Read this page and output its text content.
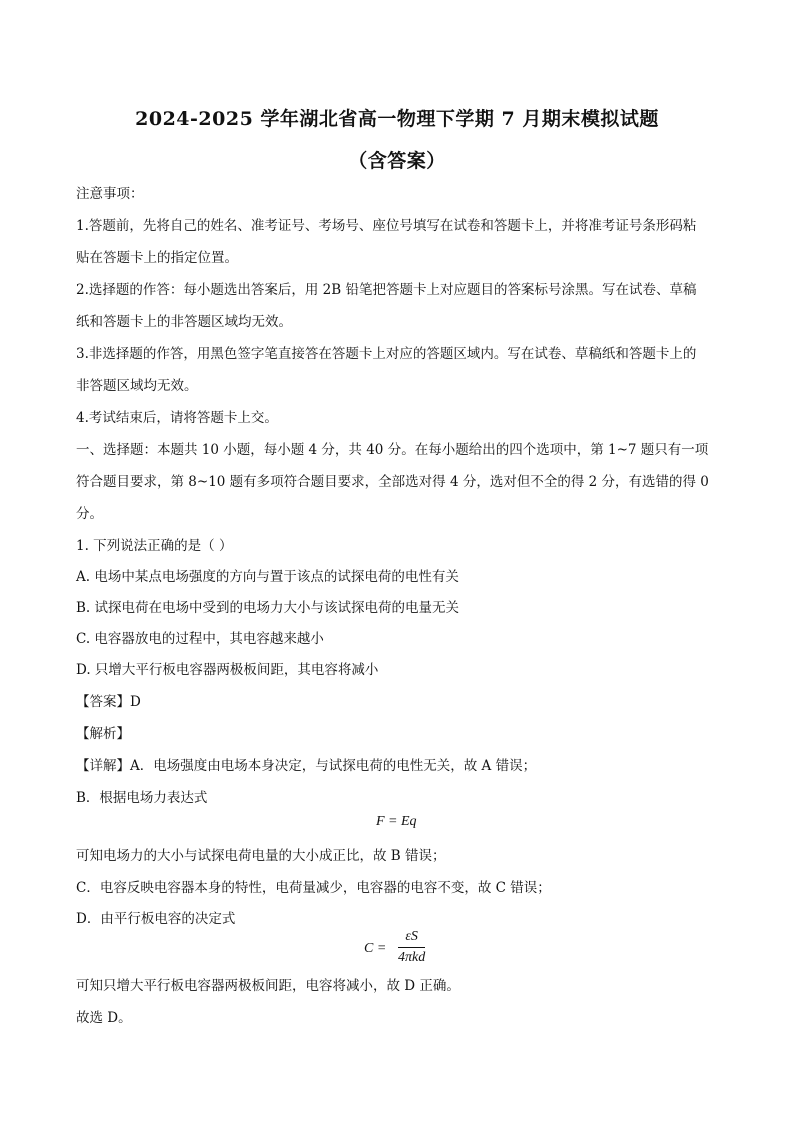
2024-2025 学年湖北省高一物理下学期 7 月期末模拟试题
（含答案）
注意事项：
1.答题前，先将自己的姓名、准考证号、考场号、座位号填写在试卷和答题卡上，并将准考证号条形码粘
贴在答题卡上的指定位置。
2.选择题的作答：每小题选出答案后，用 2B 铅笔把答题卡上对应题目的答案标号涂黑。写在试卷、草稿
纸和答题卡上的非答题区域均无效。
3.非选择题的作答，用黑色签字笔直接答在答题卡上对应的答题区域内。写在试卷、草稿纸和答题卡上的
非答题区域均无效。
4.考试结束后，请将答题卡上交。
一、选择题：本题共 10 小题，每小题 4 分，共 40 分。在每小题给出的四个选项中，第 1~7 题只有一项
符合题目要求，第 8~10 题有多项符合题目要求，全部选对得 4 分，选对但不全的得 2 分，有选错的得 0
分。
1. 下列说法正确的是（ ）
A. 电场中某点电场强度的方向与置于该点的试探电荷的电性有关
B. 试探电荷在电场中受到的电场力大小与该试探电荷的电量无关
C. 电容器放电的过程中，其电容越来越小
D. 只增大平行板电容器两极板间距，其电容将减小
【答案】D
【解析】
【详解】A．电场强度由电场本身决定，与试探电荷的电性无关，故 A 错误；
B．根据电场力表达式
F = Eq
可知电场力的大小与试探电荷电量的大小成正比，故 B 错误；
C．电容反映电容器本身的特性，电荷量减少，电容器的电容不变，故 C 错误；
D．由平行板电容的决定式
C =
εS
4πkd
可知只增大平行板电容器两极板间距，电容将减小，故 D 正确。
故选 D。
